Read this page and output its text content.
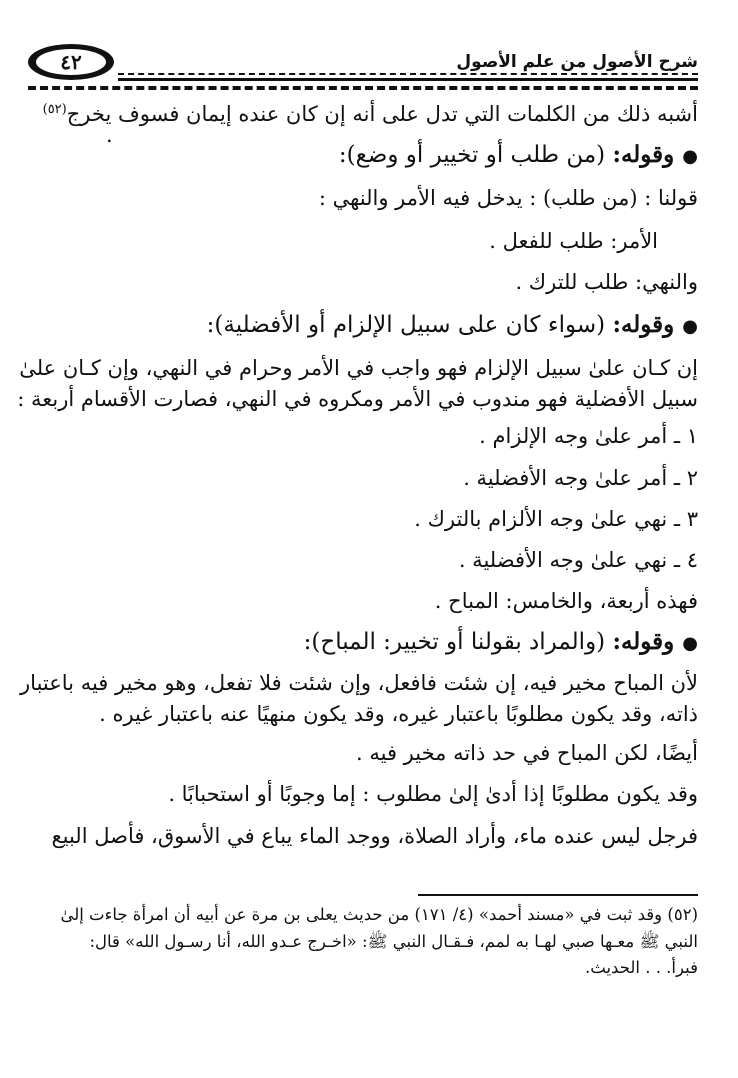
٤٢	شرح الأصول من علم الأصول

أشبه ذلك من الكلمات التي تدل على أنه إن كان عنده إيمان فسوف يخرج$^{(٥٢)}$

.

●وقوله: (من طلب أو تخيير أو وضع):

قولنا : (من طلب) : يدخل فيه الأمر والنهي :

الأمر: طلب للفعل .

والنهي: طلب للترك .

●وقوله: (سواء كان على سبيل الإلزام أو الأفضلية):

إن كـان علىٰ سبيل الإلزام فهو واجب في الأمر وحرام في النهي، وإن كـان علىٰ

سبيل الأفضلية فهو مندوب في الأمر ومكروه في النهي، فصارت الأقسام أربعة :

١ ـ أمر علىٰ وجه الإلزام .

٢ ـ أمر علىٰ وجه الأفضلية .

٣ ـ نهي علىٰ وجه الألزام بالترك .

٤ ـ نهي علىٰ وجه الأفضلية .

فهذه أربعة، والخامس: المباح .

●وقوله: (والمراد بقولنا أو تخيير: المباح):

لأن المباح مخير فيه، إن شئت فافعل، وإن شئت فلا تفعل، وهو مخير فيه باعتبار

ذاته، وقد يكون مطلوبًا باعتبار غيره، وقد يكون منهيًا عنه باعتبار غيره .

أيضًا، لكن المباح في حد ذاته مخير فيه .

وقد يكون مطلوبًا إذا أدىٰ إلىٰ مطلوب : إما وجوبًا أو استحبابًا .

فرجل ليس عنده ماء، وأراد الصلاة، ووجد الماء يباع في الأسوق، فأصل البيع

(٥٢) وقد ثبت في «مسند أحمد» (٤/ ١٧١) من حديث يعلى بن مرة عن أبيه أن امرأة جاءت إلىٰ

النبي ﷺ معـها صبي لهـا به لمم، فـقـال النبي ﷺ: «اخـرج عـدو الله، أنا رسـول الله» قال:

فبرأ. . . الحديث.
